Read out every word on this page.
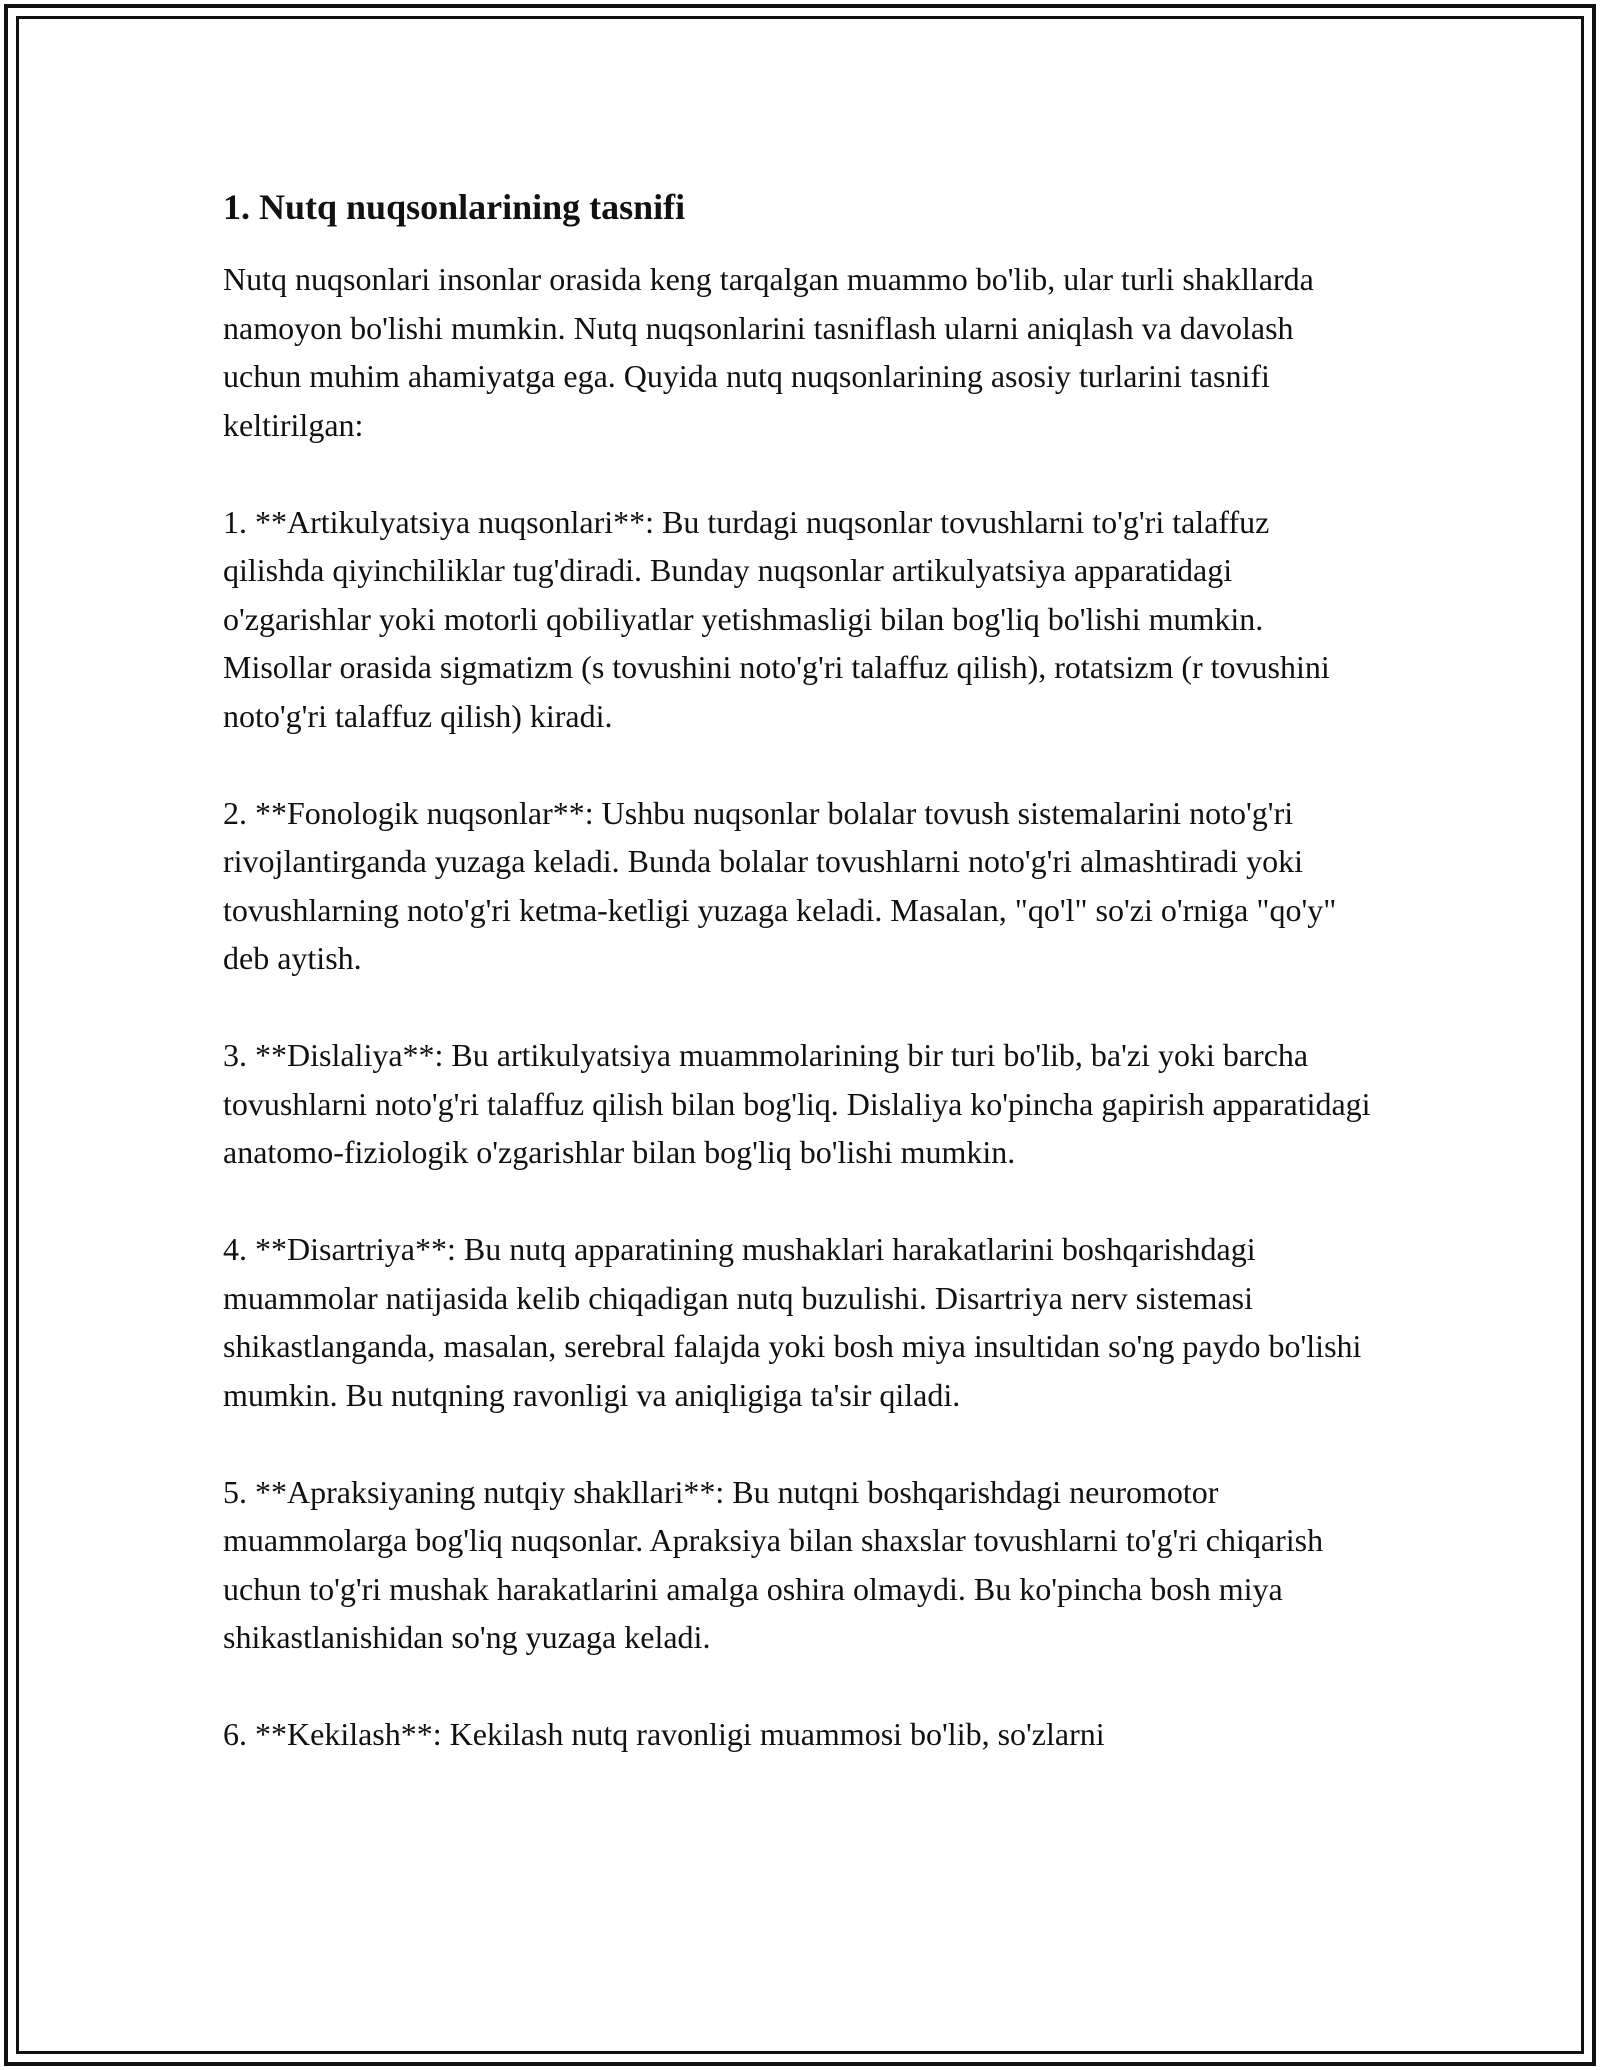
1. Nutq nuqsonlarining tasnifi

Nutq nuqsonlari insonlar orasida keng tarqalgan muammo bo'lib, ular turli shakllarda namoyon bo'lishi mumkin. Nutq nuqsonlarini tasniflash ularni aniqlash va davolash uchun muhim ahamiyatga ega. Quyida nutq nuqsonlarining asosiy turlarini tasnifi keltirilgan:

1. **Artikulyatsiya nuqsonlari**: Bu turdagi nuqsonlar tovushlarni to'g'ri talaffuz qilishda qiyinchiliklar tug'diradi. Bunday nuqsonlar artikulyatsiya apparatidagi o'zgarishlar yoki motorli qobiliyatlar yetishmasligi bilan bog'liq bo'lishi mumkin. Misollar orasida sigmatizm (s tovushini noto'g'ri talaffuz qilish), rotatsizm (r tovushini noto'g'ri talaffuz qilish) kiradi.

2. **Fonologik nuqsonlar**: Ushbu nuqsonlar bolalar tovush sistemalarini noto'g'ri rivojlantirganda yuzaga keladi. Bunda bolalar tovushlarni noto'g'ri almashtiradi yoki tovushlarning noto'g'ri ketma-ketligi yuzaga keladi. Masalan, "qo'l" so'zi o'rniga "qo'y" deb aytish.

3. **Dislaliya**: Bu artikulyatsiya muammolarining bir turi bo'lib, ba'zi yoki barcha tovushlarni noto'g'ri talaffuz qilish bilan bog'liq. Dislaliya ko'pincha gapirish apparatidagi anatomo-fiziologik o'zgarishlar bilan bog'liq bo'lishi mumkin.

4. **Disartriya**: Bu nutq apparatining mushaklari harakatlarini boshqarishdagi muammolar natijasida kelib chiqadigan nutq buzulishi. Disartriya nerv sistemasi shikastlanganda, masalan, serebral falajda yoki bosh miya insultidan so'ng paydo bo'lishi mumkin. Bu nutqning ravonligi va aniqligiga ta'sir qiladi.

5. **Apraksiyaning nutqiy shakllari**: Bu nutqni boshqarishdagi neuromotor muammolarga bog'liq nuqsonlar. Apraksiya bilan shaxslar tovushlarni to'g'ri chiqarish uchun to'g'ri mushak harakatlarini amalga oshira olmaydi. Bu ko'pincha bosh miya shikastlanishidan so'ng yuzaga keladi.

6. **Kekilash**: Kekilash nutq ravonligi muammosi bo'lib, so'zlarni
